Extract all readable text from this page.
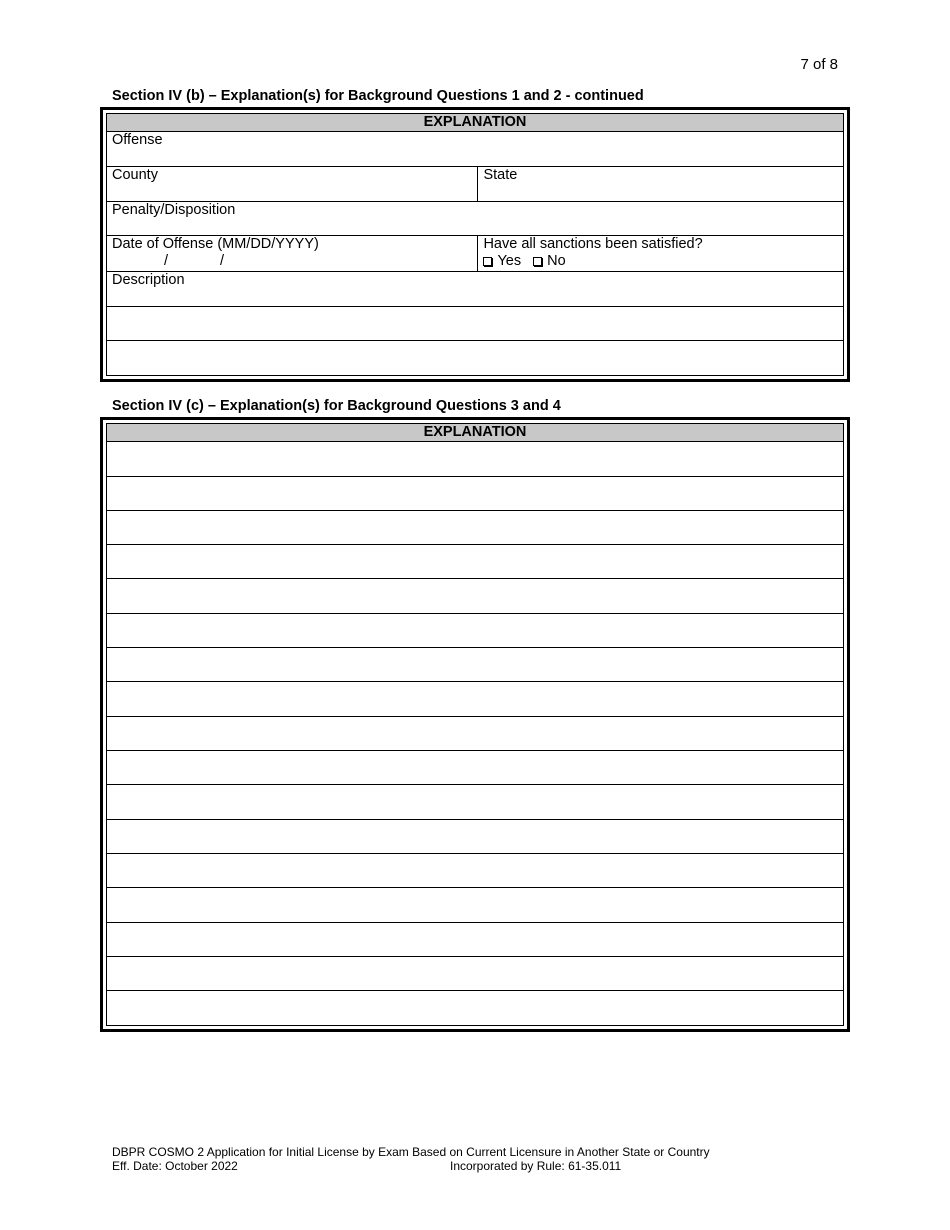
7 of 8
Section IV (b) – Explanation(s) for Background Questions 1 and 2 - continued
EXPLANATION	

Offense	

County	State

Penalty/Disposition	

Date of Offense (MM/DD/YYYY)
/ /	Have all sanctions been satisfied?
Yes No

Description	

Section IV (c) – Explanation(s) for Background Questions 3 and 4
EXPLANATION

DBPR COSMO 2 Application for Initial License by Exam Based on Current Licensure in Another State or Country
Eff. Date: October 2022	Incorporated by Rule: 61-35.011
